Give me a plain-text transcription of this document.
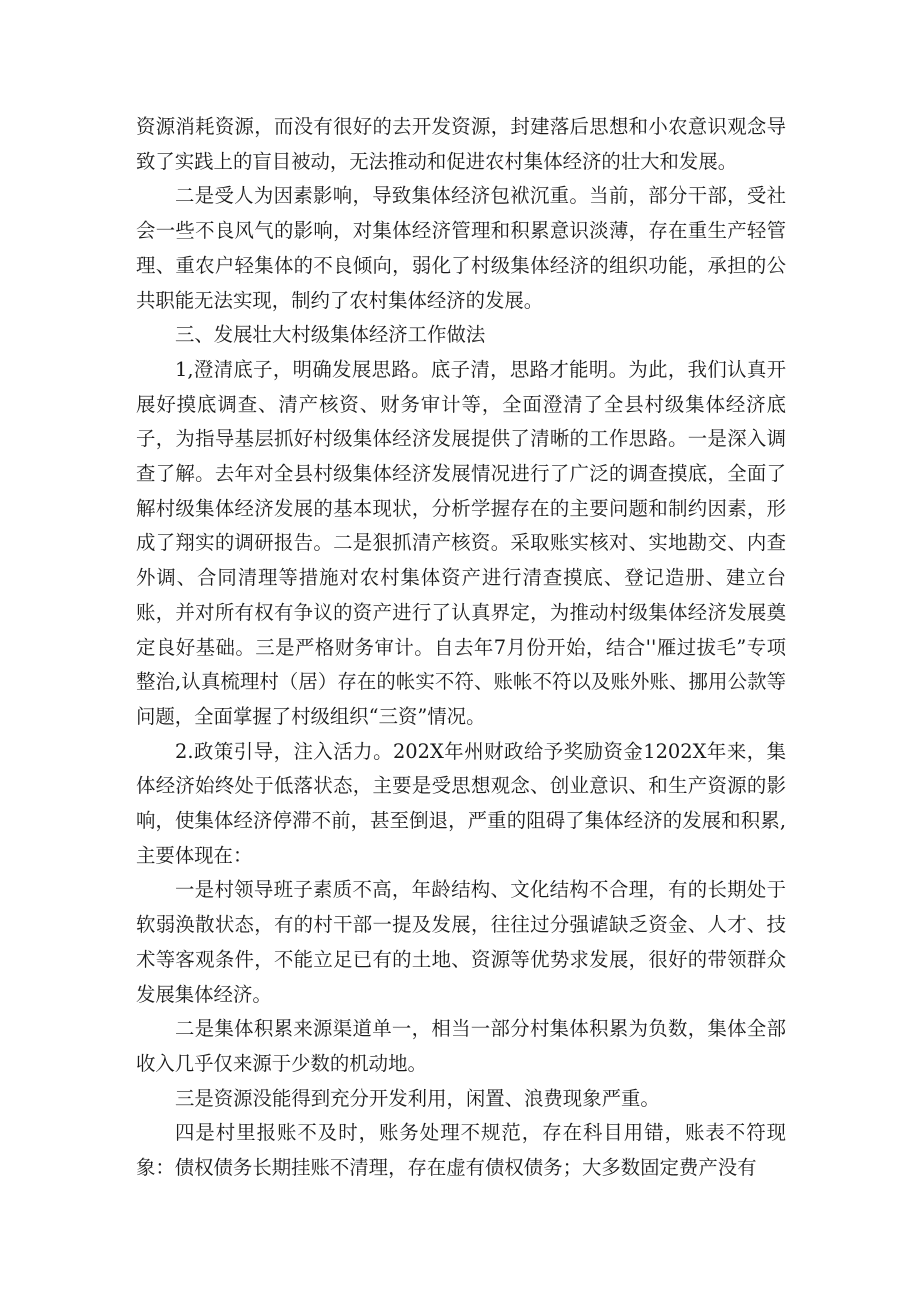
资源消耗资源，而没有很好的去开发资源，封建落后思想和小农意识观念导致了实践上的盲目被动，无法推动和促进农村集体经济的壮大和发展。

二是受人为因素影响，导致集体经济包袱沉重。当前，部分干部，受社会一些不良风气的影响，对集体经济管理和积累意识淡薄，存在重生产轻管理、重农户轻集体的不良倾向，弱化了村级集体经济的组织功能，承担的公共职能无法实现，制约了农村集体经济的发展。

三、发展壮大村级集体经济工作做法

1,澄清底子，明确发展思路。底子清，思路才能明。为此，我们认真开展好摸底调查、清产核资、财务审计等，全面澄清了全县村级集体经济底子，为指导基层抓好村级集体经济发展提供了清晰的工作思路。一是深入调查了解。去年对全县村级集体经济发展情况进行了广泛的调查摸底，全面了解村级集体经济发展的基本现状，分析学握存在的主要问题和制约因素，形成了翔实的调研报告。二是狠抓清产核资。采取账实核对、实地勘交、内查外调、合同清理等措施对农村集体资产进行清查摸底、登记造册、建立台账，并对所有权有争议的资产进行了认真界定，为推动村级集体经济发展奠定良好基础。三是严格财务审计。自去年7月份开始，结合''雁过拔毛”专项整治,认真梳理村（居）存在的帐实不符、账帐不符以及账外账、挪用公款等问题，全面掌握了村级组织“三资”情况。

2.政策引导，注入活力。202X年州财政给予奖励资金1202X年来，集体经济始终处于低落状态，主要是受思想观念、创业意识、和生产资源的影响，使集体经济停滞不前，甚至倒退，严重的阻碍了集体经济的发展和积累,主要体现在：

一是村领导班子素质不高，年龄结构、文化结构不合理，有的长期处于软弱涣散状态，有的村干部一提及发展，往往过分强谑缺乏资金、人才、技术等客观条件，不能立足已有的土地、资源等优势求发展，很好的带领群众发展集体经济。

二是集体积累来源渠道单一，相当一部分村集体积累为负数，集体全部收入几乎仅来源于少数的机动地。

三是资源没能得到充分开发利用，闲置、浪费现象严重。

四是村里报账不及时，账务处理不规范，存在科目用错，账表不符现象：债权债务长期挂账不清理，存在虚有债权债务；大多数固定费产没有
